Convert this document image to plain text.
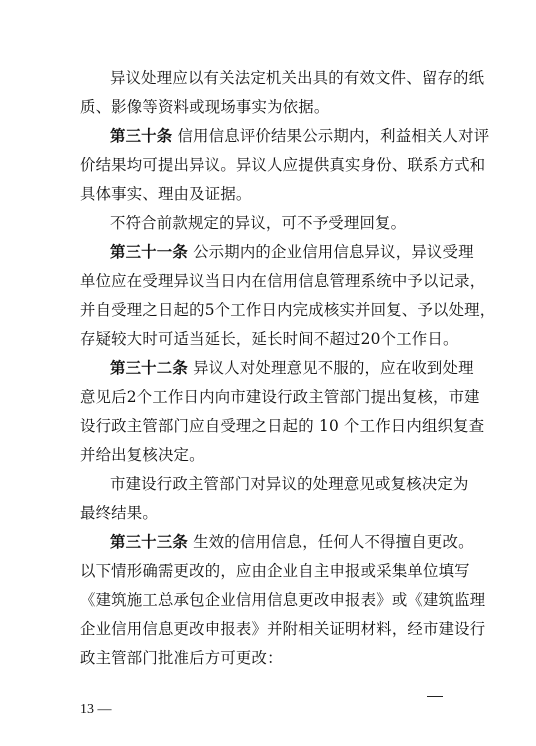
异议处理应以有关法定机关出具的有效文件、留存的纸
质、影像等资料或现场事实为依据。
第三十条 信用信息评价结果公示期内，利益相关人对评
价结果均可提出异议。异议人应提供真实身份、联系方式和
具体事实、理由及证据。
不符合前款规定的异议，可不予受理回复。
第三十一条 公示期内的企业信用信息异议，异议受理
单位应在受理异议当日内在信用信息管理系统中予以记录，
并自受理之日起的5个工作日内完成核实并回复、予以处理，
存疑较大时可适当延长，延长时间不超过20个工作日。
第三十二条 异议人对处理意见不服的，应在收到处理
意见后2个工作日内向市建设行政主管部门提出复核，市建
设行政主管部门应自受理之日起的 10 个工作日内组织复查
并给出复核决定。
市建设行政主管部门对异议的处理意见或复核决定为
最终结果。
第三十三条 生效的信用信息，任何人不得擅自更改。
以下情形确需更改的，应由企业自主申报或采集单位填写
《建筑施工总承包企业信用信息更改申报表》或《建筑监理
企业信用信息更改申报表》并附相关证明材料，经市建设行
政主管部门批准后方可更改：
13 —
